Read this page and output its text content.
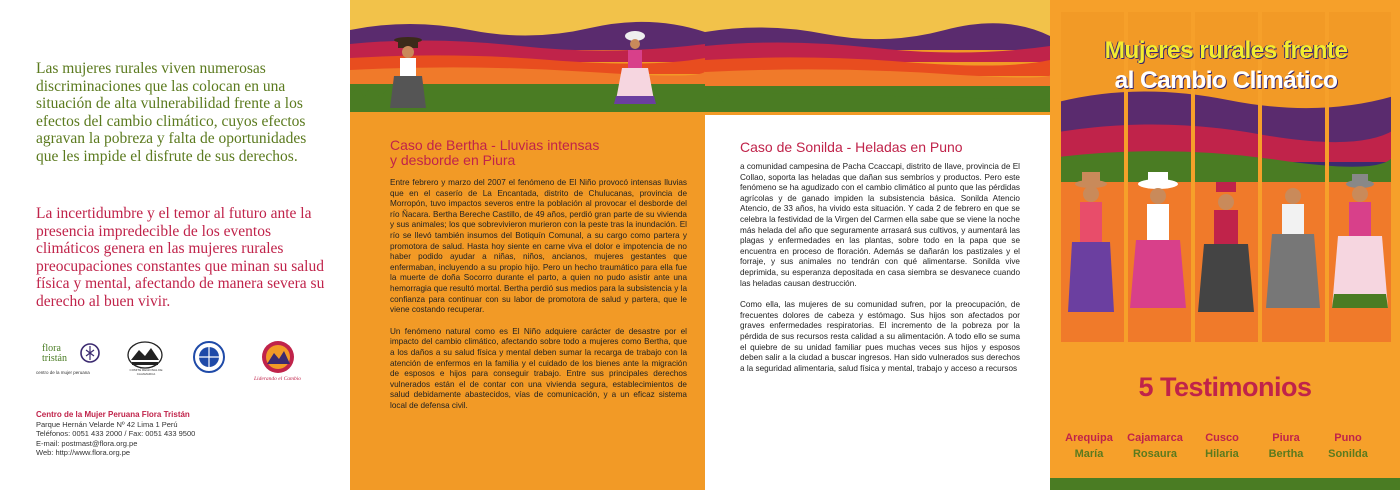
Las mujeres rurales viven numerosas discriminaciones que las colocan en una situación de alta vulnerabilidad frente a los efectos del cambio climático, cuyos efectos agravan la pobreza y falta de oportunidades que les impide el disfrute de sus derechos.
La incertidumbre y el temor al futuro ante la presencia impredecible de los eventos climáticos genera en las mujeres rurales preocupaciones constantes que minan su salud física y mental, afectando de manera severa su derecho al buen vivir.
flora
tristán
centro de la mujer peruana	COMITÉ REGIONAL DE CAJAMARCA
Liderando el Cambio
Centro de la Mujer Peruana Flora Tristán
Parque Hernán Velarde Nº 42 Lima 1 Perú
Teléfonos: 0051 433 2000 / Fax: 0051 433 9500
E-mail: postmast@flora.org.pe
Web: http://www.flora.org.pe
Caso de Bertha - Lluvias intensas
y desborde en Piura

Entre febrero y marzo del 2007 el fenómeno de El Niño provocó intensas lluvias que en el caserío de La Encantada, distrito de Chulucanas, provincia de Morropón, tuvo impactos severos entre la población al provocar el desborde del río Ñacara. Bertha Bereche Castillo, de 49 años, perdió gran parte de su vivienda y sus animales; los que sobrevivieron murieron con la peste tras la inundación. El río se llevó también insumos del Botiquín Comunal, a su cargo como partera y promotora de salud. Hasta hoy siente en carne viva el dolor e impotencia de no haber podido ayudar a niñas, niños, ancianos, mujeres gestantes que enfermaban, incluyendo a su propio hijo. Pero un hecho traumático para ella fue la muerte de doña Socorro durante el parto, a quien no pudo asistir ante una hemorragia que resultó mortal. Bertha perdió sus medios para la subsistencia y la confianza para continuar con su labor de promotora de salud y partera, que le viene costando recuperar.

Un fenómeno natural como es El Niño adquiere carácter de desastre por el impacto del cambio climático, afectando sobre todo a mujeres como Bertha, que a los daños a su salud física y mental deben sumar la recarga de trabajo con la atención de enfermos en la familia y el cuidado de los bienes ante la migración de esposos e hijos para conseguir trabajo. Entre sus principales derechos vulnerados están el de contar con una vivienda segura, establecimientos de salud debidamente abastecidos, vías de comunicación, y a un eficaz sistema local de defensa civil.

Caso de Sonilda - Heladas en Puno

a comunidad campesina de Pacha Ccaccapi, distrito de Ilave, provincia de El Collao, soporta las heladas que dañan sus sembríos y productos. Pero este fenómeno se ha agudizado con el cambio climático al punto que las pérdidas agrícolas y de ganado impiden la subsistencia básica. Sonilda Atencio Atencio, de 33 años, ha vivido esta situación. Y cada 2 de febrero en que se celebra la festividad de la Virgen del Carmen ella sabe que se viene la noche más helada del año que seguramente arrasará sus cultivos, y aumentará las plagas y enfermedades en las plantas, sobre todo en la papa que se encuentra en proceso de floración. Además se dañarán los pastizales y el forraje, y sus animales no tendrán con qué alimentarse. Sonilda vive deprimida, su esperanza depositada en casa siembra se desvanece cuando las heladas causan destrucción.

Como ella, las mujeres de su comunidad sufren, por la preocupación, de frecuentes dolores de cabeza y estómago. Sus hijos son afectados por graves enfermedades respiratorias. El incremento de la pobreza por la pérdida de sus recursos resta calidad a su alimentación. A todo ello se suma el quiebre de su unidad familiar pues muchas veces sus hijos y esposos deben salir a la ciudad a buscar ingresos. Han sido vulnerados sus derechos a la seguridad alimentaria, salud física y mental, trabajo y acceso a recursos

Mujeres rurales frente
al Cambio Climático
5 Testimonios
Arequipa
María
Cajamarca
Rosaura
Cusco
Hilaria
Piura
Bertha
Puno
Sonilda
